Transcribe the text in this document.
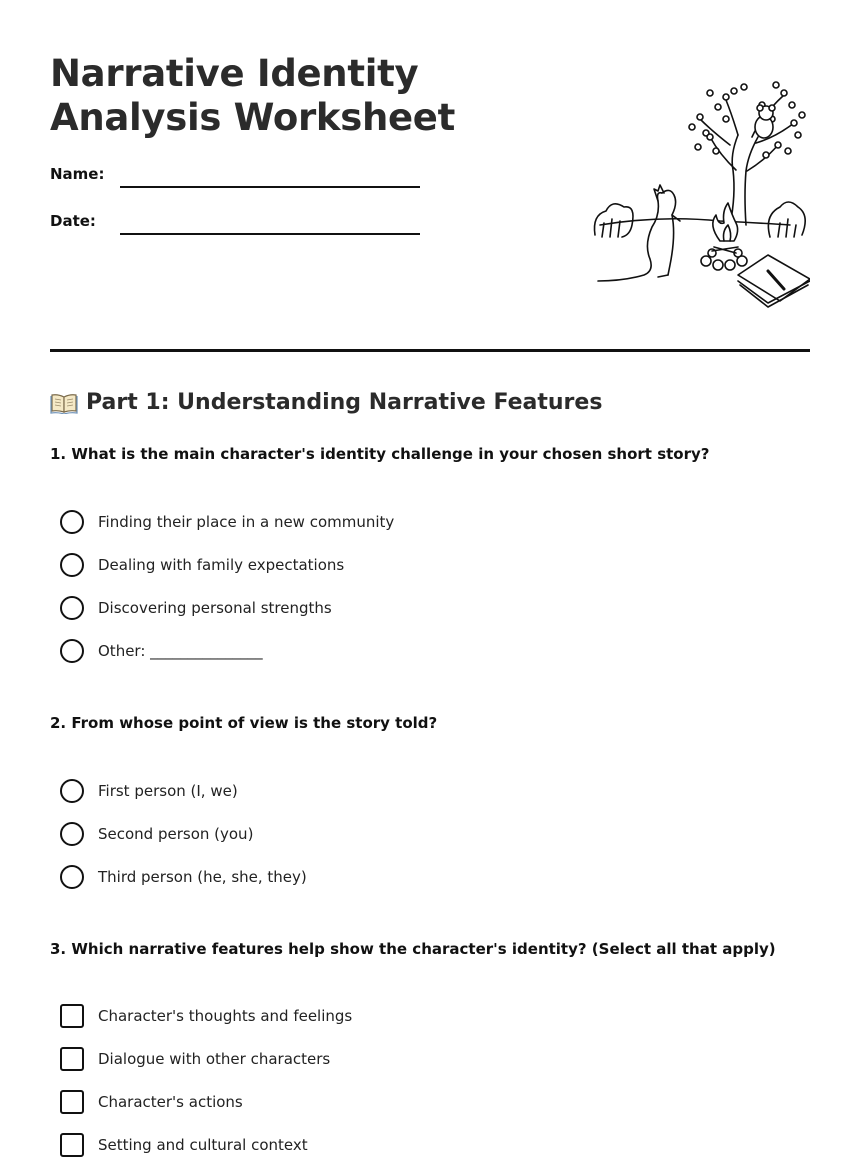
Narrative Identity
Analysis Worksheet
Name:
Date:
Part 1: Understanding Narrative Features

1. What is the main character's identity challenge in your chosen short story?

Finding their place in a new community
Dealing with family expectations
Discovering personal strengths
Other: _______________

2. From whose point of view is the story told?

First person (I, we)
Second person (you)
Third person (he, she, they)

3. Which narrative features help show the character's identity? (Select all that apply)

Character's thoughts and feelings
Dialogue with other characters
Character's actions
Setting and cultural context
